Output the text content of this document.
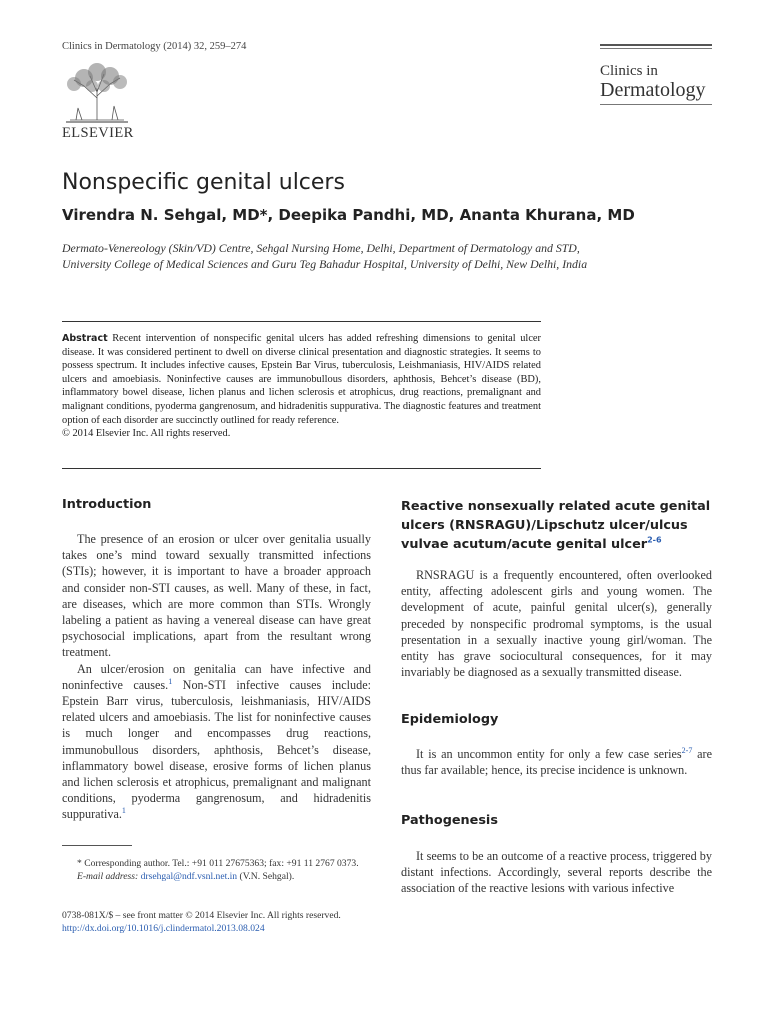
Clinics in Dermatology (2014) 32, 259–274
ELSEVIER
Clinics in
Dermatology
Nonspecific genital ulcers
Virendra N. Sehgal, MD*, Deepika Pandhi, MD, Ananta Khurana, MD
Dermato-Venereology (Skin/VD) Centre, Sehgal Nursing Home, Delhi, Department of Dermatology and STD,
University College of Medical Sciences and Guru Teg Bahadur Hospital, University of Delhi, New Delhi, India
Abstract Recent intervention of nonspecific genital ulcers has added refreshing dimensions to genital ulcer disease. It was considered pertinent to dwell on diverse clinical presentation and diagnostic strategies. It seems to possess spectrum. It includes infective causes, Epstein Bar Virus, tuberculosis, Leishmaniasis, HIV/AIDS related ulcers and amoebiasis. Noninfective causes are immunobullous disorders, aphthosis, Behcet’s disease (BD), inflammatory bowel disease, lichen planus and lichen sclerosis et atrophicus, drug reactions, premalignant and malignant conditions, pyoderma gangrenosum, and hidradenitis suppurativa. The diagnostic features and treatment option of each disorder are succinctly outlined for ready reference.
© 2014 Elsevier Inc. All rights reserved.
Introduction

The presence of an erosion or ulcer over genitalia usually takes one’s mind toward sexually transmitted infections (STIs); however, it is important to have a broader approach and consider non-STI causes, as well. Many of these, in fact, are diseases, which are more common than STIs. Wrongly labeling a patient as having a venereal disease can have great psychosocial implications, apart from the resultant wrong treatment.

An ulcer/erosion on genitalia can have infective and noninfective causes.$^1$ Non-STI infective causes include: Epstein Barr virus, tuberculosis, leishmaniasis, HIV/AIDS related ulcers and amoebiasis. The list for noninfective causes is much longer and encompasses drug reactions, immunobullous disorders, aphthosis, Behcet’s disease, inflammatory bowel disease, erosive forms of lichen planus and lichen sclerosis et atrophicus, premalignant and malignant conditions, pyoderma gangrenosum, and hidradenitis suppurativa.$^1$

* Corresponding author. Tel.: +91 011 27675363; fax: +91 11 2767 0373.
E-mail address: drsehgal@ndf.vsnl.net.in (V.N. Sehgal).
0738-081X/$ – see front matter © 2014 Elsevier Inc. All rights reserved.
http://dx.doi.org/10.1016/j.clindermatol.2013.08.024
Reactive nonsexually related acute genital ulcers (RNSRAGU)/Lipschutz ulcer/ulcus vulvae acutum/acute genital ulcer$^{2-6}$

RNSRAGU is a frequently encountered, often overlooked entity, affecting adolescent girls and young women. The development of acute, painful genital ulcer(s), generally preceded by nonspecific prodromal symptoms, is the usual presentation in a sexually inactive young girl/woman. The entity has grave sociocultural consequences, for it may invariably be diagnosed as a sexually transmitted disease.

Epidemiology

It is an uncommon entity for only a few case series$^{2-7}$ are thus far available; hence, its precise incidence is unknown.

Pathogenesis

It seems to be an outcome of a reactive process, triggered by distant infections. Accordingly, several reports describe the association of the reactive lesions with various infective
